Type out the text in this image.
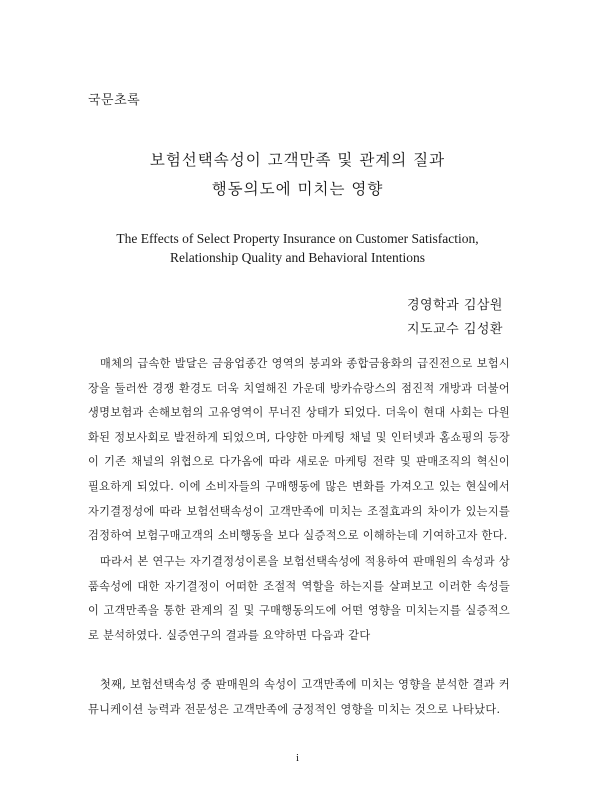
국문초록
보험선택속성이 고객만족 및 관계의 질과
행동의도에 미치는 영향
The Effects of Select Property Insurance on Customer Satisfaction,
Relationship Quality and Behavioral Intentions
경영학과 김삼원
지도교수 김성환

매체의 급속한 발달은 금융업종간 영역의 붕괴와 종합금융화의 급진전으로 보험시장을 둘러싼 경쟁 환경도 더욱 치열해진 가운데 방카슈랑스의 점진적 개방과 더불어 생명보험과 손해보험의 고유영역이 무너진 상태가 되었다. 더욱이 현대 사회는 다원화된 정보사회로 발전하게 되었으며, 다양한 마케팅 채널 및 인터넷과 홈쇼핑의 등장이 기존 채널의 위협으로 다가옴에 따라 새로운 마케팅 전략 및 판매조직의 혁신이 필요하게 되었다. 이에 소비자들의 구매행동에 많은 변화를 가져오고 있는 현실에서 자기결정성에 따라 보험선택속성이 고객만족에 미치는 조절효과의 차이가 있는지를 검정하여 보험구매고객의 소비행동을 보다 실증적으로 이해하는데 기여하고자 한다.

따라서 본 연구는 자기결정성이론을 보험선택속성에 적용하여 판매원의 속성과 상품속성에 대한 자기결정이 어떠한 조절적 역할을 하는지를 살펴보고 이러한 속성들이 고객만족을 통한 관계의 질 및 구매행동의도에 어떤 영향을 미치는지를 실증적으로 분석하였다. 실증연구의 결과를 요약하면 다음과 같다

첫째, 보험선택속성 중 판매원의 속성이 고객만족에 미치는 영향을 분석한 결과 커뮤니케이션 능력과 전문성은 고객만족에 긍정적인 영향을 미치는 것으로 나타났다.

i
